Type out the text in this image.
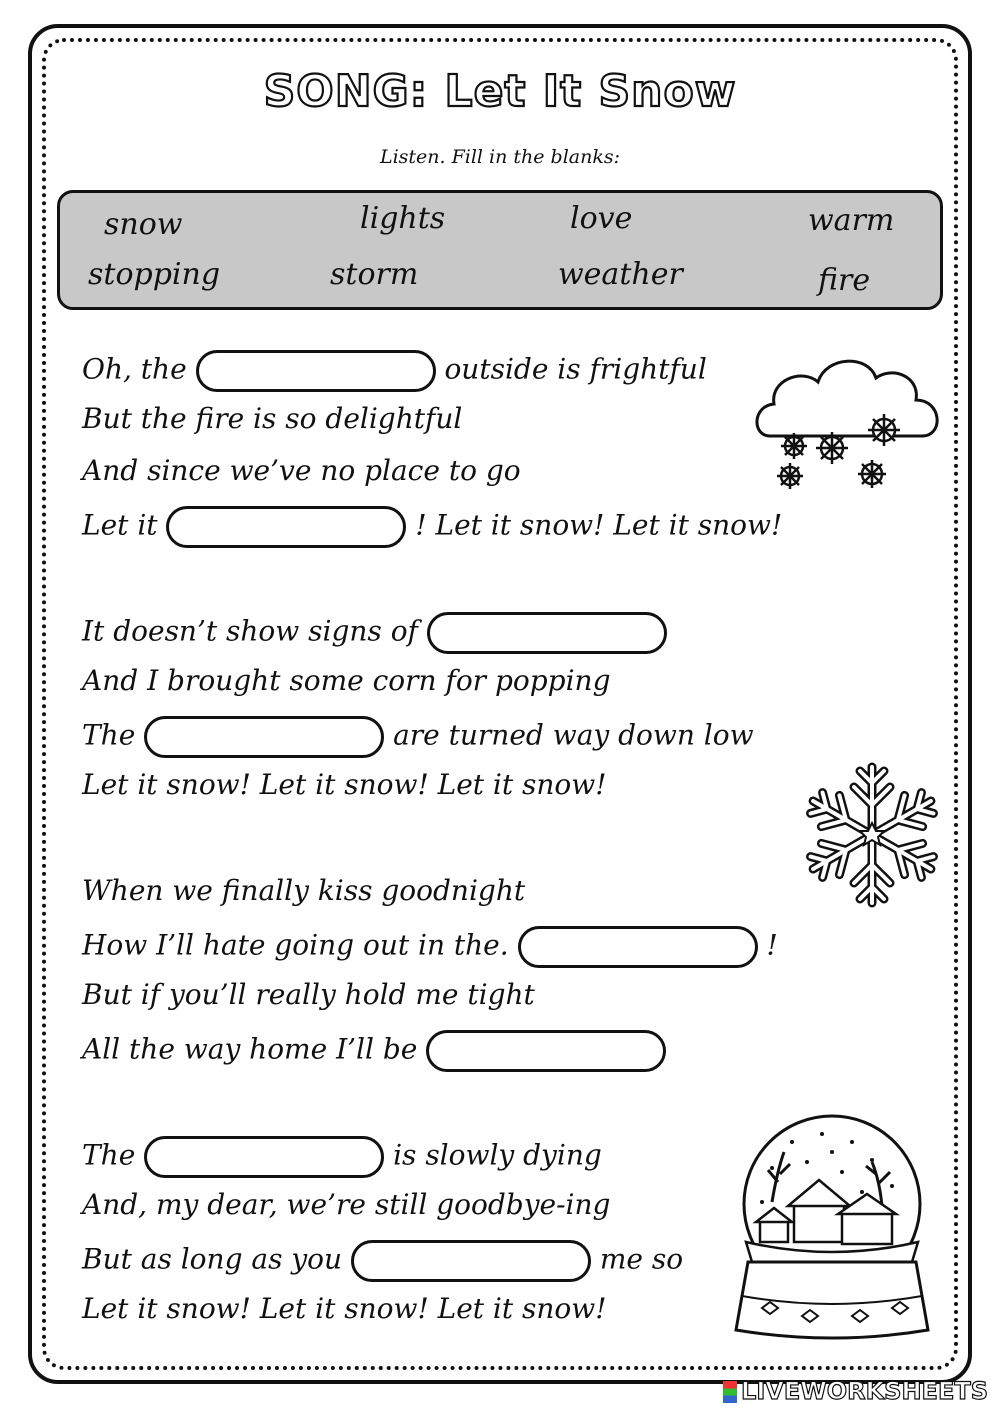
SONG: Let It Snow
Listen. Fill in the blanks:
snow	lights	love	warm
stopping	storm	weather	fire
Oh, the	outside is frightful
But the fire is so delightful
And since we’ve no place to go
Let it	! Let it snow! Let it snow!
It doesn’t show signs of
And I brought some corn for popping
The	are turned way down low
Let it snow! Let it snow! Let it snow!
When we finally kiss goodnight
How I’ll hate going out in the.	!
But if you’ll really hold me tight
All the way home I’ll be
The	is slowly dying
And, my dear, we’re still goodbye-ing
But as long as you	me so
Let it snow! Let it snow! Let it snow!
LIVEWORKSHEETS
